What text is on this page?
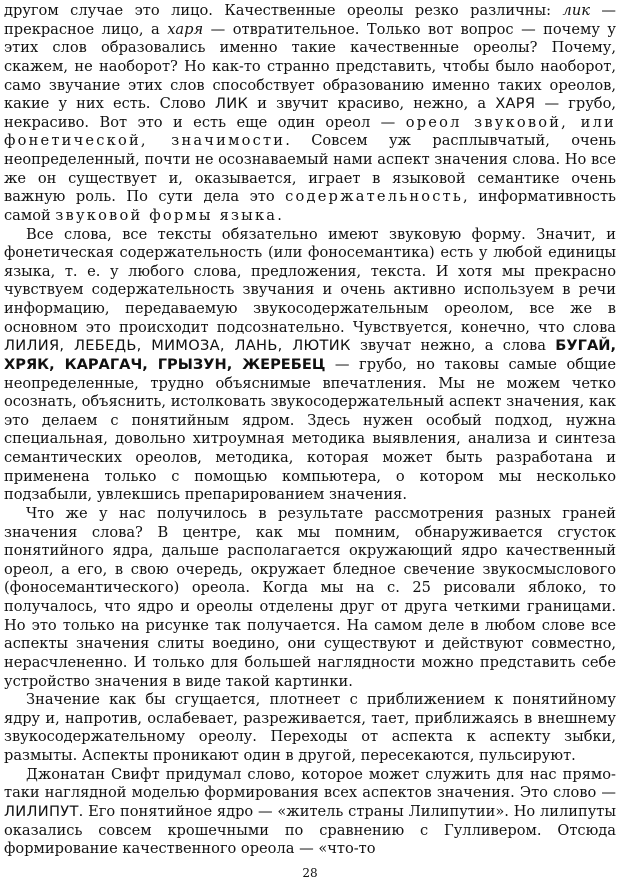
другом случае это лицо. Качественные ореолы резко различны: лик — прекрасное лицо, а харя — отвратительное. Только вот вопрос — почему у этих слов образовались именно такие качественные ореолы? Почему, скажем, не наоборот? Но как-то странно представить, чтобы было наоборот, само звучание этих слов способствует образованию именно таких ореолов, какие у них есть. Слово ЛИК и звучит красиво, нежно, а ХАРЯ — грубо, некрасиво. Вот это и есть еще один ореол — ореол звуковой, или фонетической, значимости. Совсем уж расплывчатый, очень неопределенный, почти не осознаваемый нами аспект значения слова. Но все же он существует и, оказывается, играет в языковой семантике очень важную роль. По сути дела это содержательность, информативность самой звуковой формы языка.

Все слова, все тексты обязательно имеют звуковую форму. Значит, и фонетическая содержательность (или фоносемантика) есть у любой единицы языка, т. е. у любого слова, предложения, текста. И хотя мы прекрасно чувствуем содержательность звучания и очень активно используем в речи информацию, передаваемую звукосодержательным ореолом, все же в основном это происходит подсознательно. Чувствуется, конечно, что слова ЛИЛИЯ, ЛЕБЕДЬ, МИМОЗА, ЛАНЬ, ЛЮТИК звучат нежно, а слова БУГАЙ, ХРЯК, КАРАГАЧ, ГРЫЗУН, ЖЕРЕБЕЦ — грубо, но таковы самые общие неопределенные, трудно объяснимые впечатления. Мы не можем четко осознать, объяснить, истолковать звукосодержательный аспект значения, как это делаем с понятийным ядром. Здесь нужен особый подход, нужна специальная, довольно хитроумная методика выявления, анализа и синтеза семантических ореолов, методика, которая может быть разработана и применена только с помощью компьютера, о котором мы несколько подзабыли, увлекшись препарированием значения.

Что же у нас получилось в результате рассмотрения разных граней значения слова? В центре, как мы помним, обнаруживается сгусток понятийного ядра, дальше располагается окружающий ядро качественный ореол, а его, в свою очередь, окружает бледное свечение звукосмыслового (фоносемантического) ореола. Когда мы на с. 25 рисовали яблоко, то получалось, что ядро и ореолы отделены друг от друга четкими границами. Но это только на рисунке так получается. На самом деле в любом слове все аспекты значения слиты воедино, они существуют и действуют совместно, нерасчлененно. И только для большей наглядности можно представить себе устройство значения в виде такой картинки.

Значение как бы сгущается, плотнеет с приближением к понятийному ядру и, напротив, ослабевает, разреживается, тает, приближаясь в внешнему звукосодержательному ореолу. Переходы от аспекта к аспекту зыбки, размыты. Аспекты проникают один в другой, пересекаются, пульсируют.

Джонатан Свифт придумал слово, которое может служить для нас прямо-таки наглядной моделью формирования всех аспектов значения. Это слово — ЛИЛИПУТ. Его понятийное ядро — «житель страны Лилипутии». Но лилипуты оказались совсем крошечными по сравнению с Гулливером. Отсюда формирование качественного ореола — «что-то

28
